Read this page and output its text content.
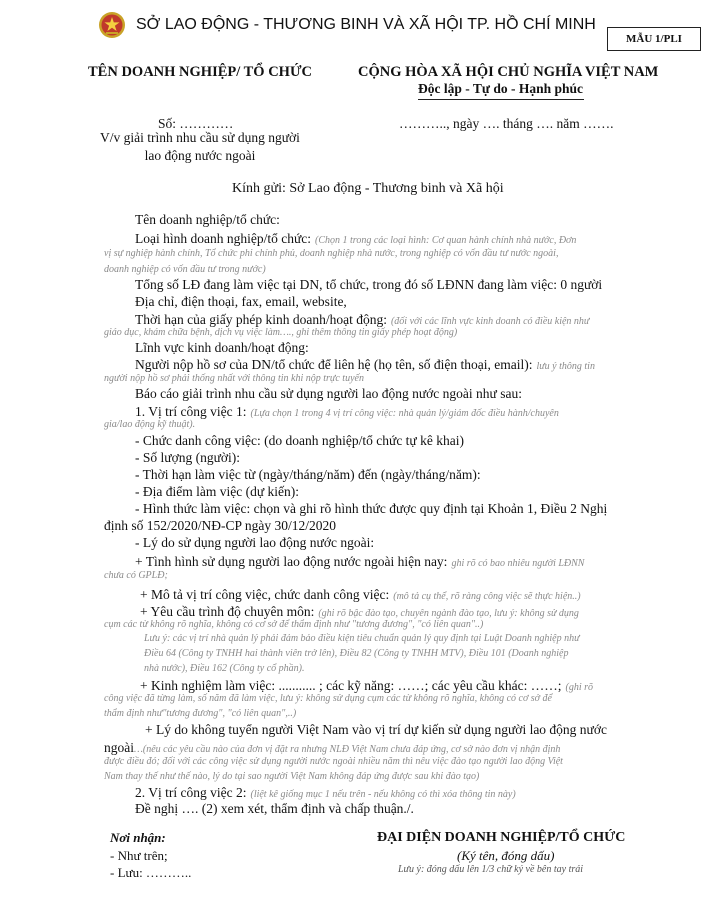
SỞ LAO ĐỘNG - THƯƠNG BINH VÀ XÃ HỘI TP. HỒ CHÍ MINH
MẪU 1/PLI
TÊN DOANH NGHIỆP/ TỔ CHỨC
Số: …………
V/v giải trình nhu cầu sử dụng người
lao động nước ngoài
CỘNG HÒA XÃ HỘI CHỦ NGHĨA VIỆT NAM
Độc lập - Tự do - Hạnh phúc
……….., ngày …. tháng …. năm …….
Kính gửi: Sở Lao động - Thương binh và Xã hội
Tên doanh nghiệp/tổ chức:
Loại hình doanh nghiệp/tổ chức: (Chọn 1 trong các loại hình: Cơ quan hành chính nhà nước, Đơn
vị sự nghiệp hành chính, Tổ chức phi chính phủ, doanh nghiệp nhà nước, trong nghiệp có vốn đầu tư nước ngoài,
doanh nghiệp có vốn đầu tư trong nước)
Tổng số LĐ đang làm việc tại DN, tổ chức, trong đó số LĐNN đang làm việc: 0 người
Địa chỉ, điện thoại, fax, email, website,
Thời hạn của giấy phép kinh doanh/hoạt động: (đối với các lĩnh vực kinh doanh có điều kiện như
giáo dục, khám chữa bệnh, dịch vụ việc làm…., ghi thêm thông tin giấy phép hoạt động)
Lĩnh vực kinh doanh/hoạt động:
Người nộp hồ sơ của DN/tổ chức để liên hệ (họ tên, số điện thoại, email): lưu ý thông tin
người nộp hồ sơ phải thống nhất với thông tin khi nộp trực tuyến
Báo cáo giải trình nhu cầu sử dụng người lao động nước ngoài như sau:
1. Vị trí công việc 1: (Lựa chọn 1 trong 4 vị trí công việc: nhà quản lý/giám đốc điều hành/chuyên
gia/lao động kỹ thuật).
- Chức danh công việc: (do doanh nghiệp/tổ chức tự kê khai)
- Số lượng (người):
- Thời hạn làm việc từ (ngày/tháng/năm) đến (ngày/tháng/năm):
- Địa điểm làm việc (dự kiến):
- Hình thức làm việc: chọn và ghi rõ hình thức được quy định tại Khoản 1, Điều 2 Nghị
định số 152/2020/NĐ-CP ngày 30/12/2020
- Lý do sử dụng người lao động nước ngoài:
+ Tình hình sử dụng người lao động nước ngoài hiện nay: ghi rõ có bao nhiêu người LĐNN
chưa có GPLĐ;
+ Mô tả vị trí công việc, chức danh công việc: (mô tả cụ thể, rõ ràng công việc sẽ thực hiện..)
+ Yêu cầu trình độ chuyên môn: (ghi rõ bậc đào tạo, chuyên ngành đào tạo, lưu ý: không sử dụng
cụm các từ không rõ nghĩa, không có cơ sở để thẩm định như "tương đương", "có liên quan"..)
Lưu ý: các vị trí nhà quản lý phải đảm bảo điều kiện tiêu chuẩn quản lý quy định tại Luật Doanh nghiệp như
Điều 64 (Công ty TNHH hai thành viên trở lên), Điều 82 (Công ty TNHH MTV), Điều 101 (Doanh nghiệp
nhà nước), Điều 162 (Công ty cổ phần).
+ Kinh nghiệm làm việc: ........... ; các kỹ năng: ……; các yêu cầu khác: ……; (ghi rõ
công việc đã từng làm, số năm đã làm việc, lưu ý: không sử dụng cụm các từ không rõ nghĩa, không có cơ sở để
thẩm định như"tương đương", "có liên quan",..)
+ Lý do không tuyển người Việt Nam vào vị trí dự kiến sử dụng người lao động nước
ngoài…(nêu các yêu cầu nào của đơn vị đặt ra nhưng NLĐ Việt Nam chưa đáp ứng, cơ sở nào đơn vị nhận định
được điều đó; đối với các công việc sử dụng người nước ngoài nhiều năm thì nêu việc đào tạo người lao động Việt
Nam thay thế như thế nào, lý do tại sao người Việt Nam không đáp ứng được sau khi đào tạo)
2. Vị trí công việc 2: (liệt kê giống mục 1 nếu trên - nếu không có thì xóa thông tin này)
Đề nghị …. (2) xem xét, thẩm định và chấp thuận./.
Nơi nhận:
- Như trên;
- Lưu: ………..
ĐẠI DIỆN DOANH NGHIỆP/TỔ CHỨC
(Ký tên, đóng dấu)
Lưu ý: đóng dấu lên 1/3 chữ ký về bên tay trái
